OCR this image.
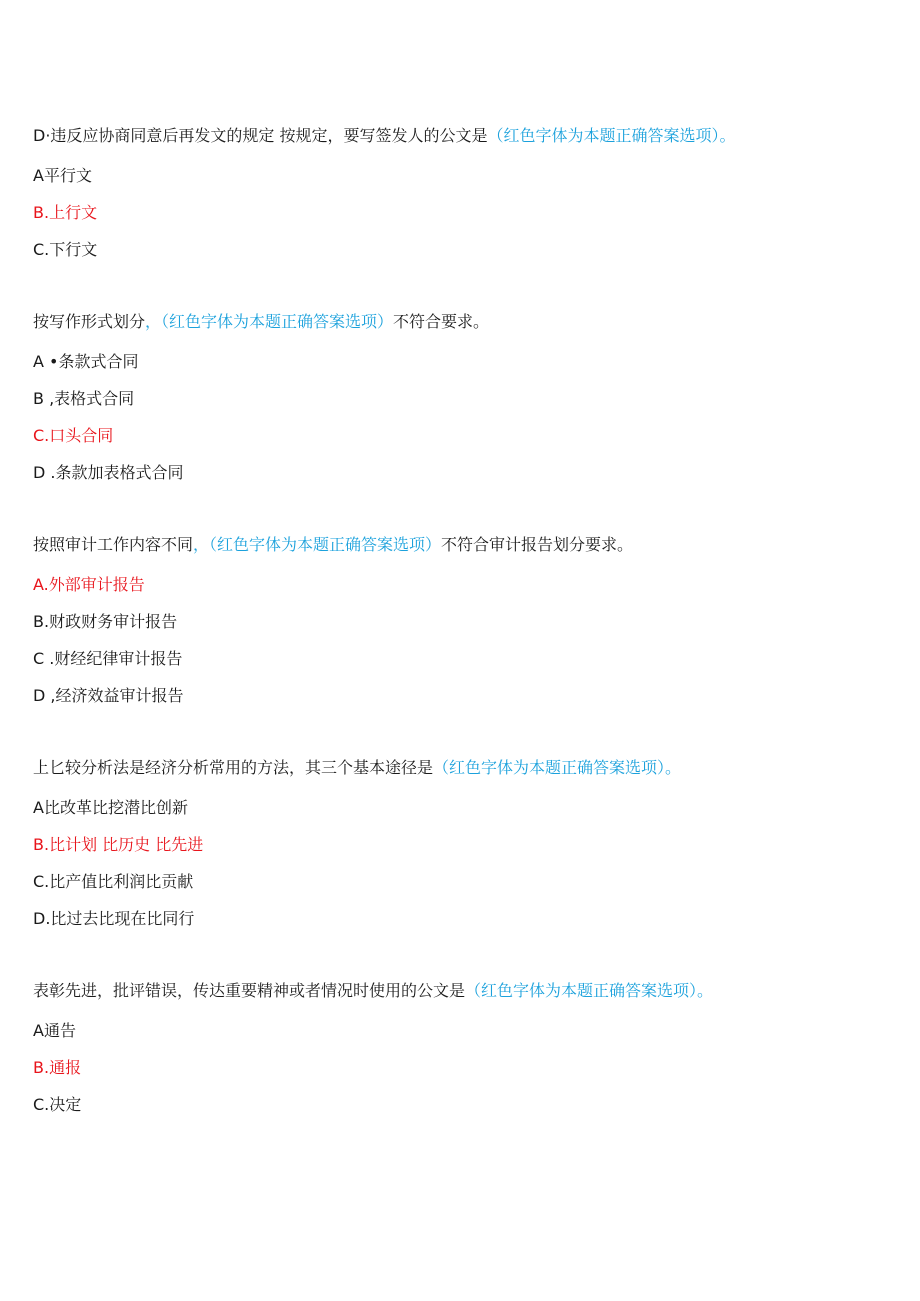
D·违反应协商同意后再发文的规定 按规定，要写签发人的公文是（红色字体为本题正确答案选项）。
A平行文
B.上行文
C.下行文
按写作形式划分，（红色字体为本题正确答案选项）不符合要求。
A •条款式合同
B ,表格式合同
C.口头合同
D .条款加表格式合同
按照审计工作内容不同，（红色字体为本题正确答案选项）不符合审计报告划分要求。
A.外部审计报告
B.财政财务审计报告
C .财经纪律审计报告
D ,经济效益审计报告
上匕较分析法是经济分析常用的方法，其三个基本途径是（红色字体为本题正确答案选项）。
A比改革比挖潜比创新
B.比计划 比历史 比先进
C.比产值比利润比贡献
D.比过去比现在比同行
表彰先进，批评错误，传达重要精神或者情况时使用的公文是（红色字体为本题正确答案选项）。
A通告
B.通报
C.决定
